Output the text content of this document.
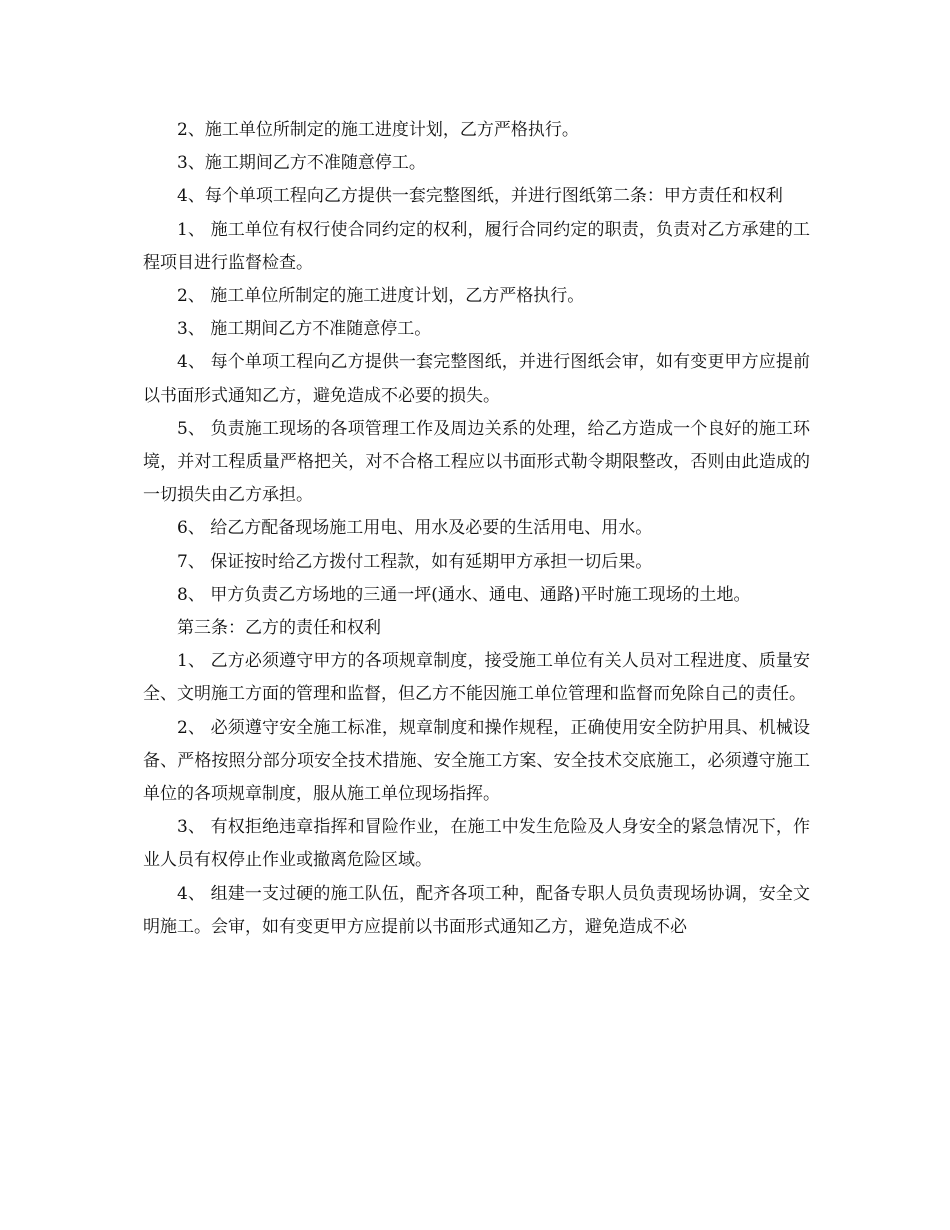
2、施工单位所制定的施工进度计划，乙方严格执行。

3、施工期间乙方不准随意停工。

4、每个单项工程向乙方提供一套完整图纸，并进行图纸第二条：甲方责任和权利

1、 施工单位有权行使合同约定的权利，履行合同约定的职责，负责对乙方承建的工程项目进行监督检查。

2、 施工单位所制定的施工进度计划，乙方严格执行。

3、 施工期间乙方不准随意停工。

4、 每个单项工程向乙方提供一套完整图纸，并进行图纸会审，如有变更甲方应提前以书面形式通知乙方，避免造成不必要的损失。

5、 负责施工现场的各项管理工作及周边关系的处理，给乙方造成一个良好的施工环境，并对工程质量严格把关，对不合格工程应以书面形式勒令期限整改，否则由此造成的一切损失由乙方承担。

6、 给乙方配备现场施工用电、用水及必要的生活用电、用水。

7、 保证按时给乙方拨付工程款，如有延期甲方承担一切后果。

8、 甲方负责乙方场地的三通一坪(通水、通电、通路)平时施工现场的土地。

第三条：乙方的责任和权利

1、 乙方必须遵守甲方的各项规章制度，接受施工单位有关人员对工程进度、质量安全、文明施工方面的管理和监督，但乙方不能因施工单位管理和监督而免除自己的责任。

2、 必须遵守安全施工标准，规章制度和操作规程，正确使用安全防护用具、机械设备、严格按照分部分项安全技术措施、安全施工方案、安全技术交底施工，必须遵守施工单位的各项规章制度，服从施工单位现场指挥。

3、 有权拒绝违章指挥和冒险作业，在施工中发生危险及人身安全的紧急情况下，作业人员有权停止作业或撤离危险区域。

4、 组建一支过硬的施工队伍，配齐各项工种，配备专职人员负责现场协调，安全文明施工。会审，如有变更甲方应提前以书面形式通知乙方，避免造成不必
